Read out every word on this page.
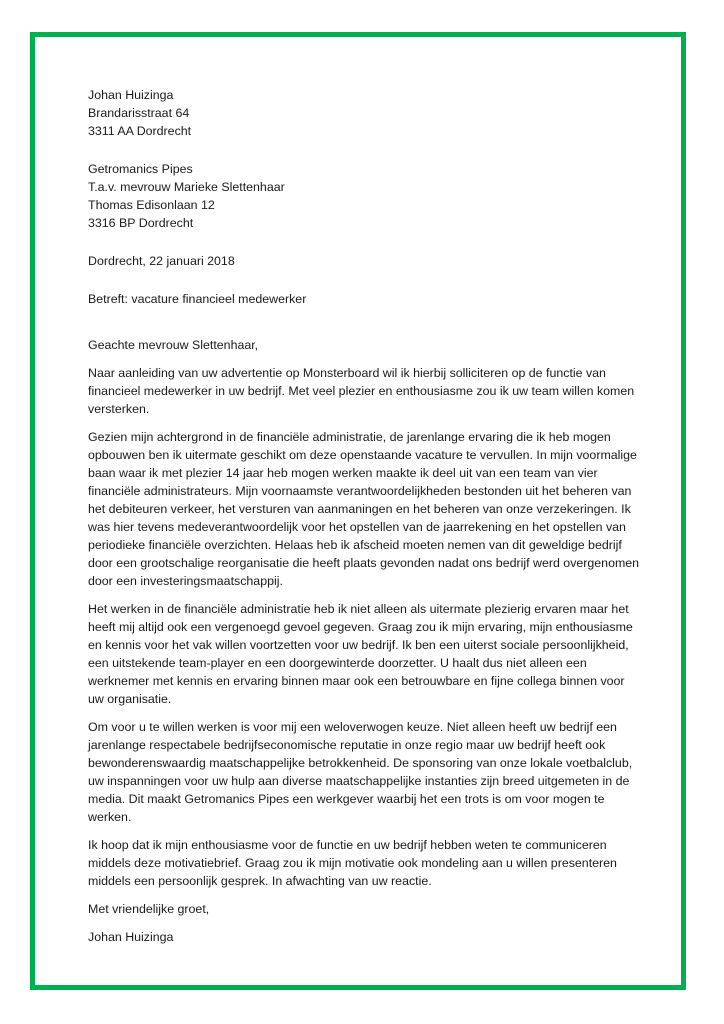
Johan Huizinga
Brandarisstraat 64
3311 AA Dordrecht
Getromanics Pipes
T.a.v. mevrouw Marieke Slettenhaar
Thomas Edisonlaan 12
3316 BP Dordrecht
Dordrecht, 22 januari 2018
Betreft: vacature financieel medewerker

Geachte mevrouw Slettenhaar,

Naar aanleiding van uw advertentie op Monsterboard wil ik hierbij solliciteren op de functie van
financieel medewerker in uw bedrijf. Met veel plezier en enthousiasme zou ik uw team willen komen
versterken.

Gezien mijn achtergrond in de financiële administratie, de jarenlange ervaring die ik heb mogen
opbouwen ben ik uitermate geschikt om deze openstaande vacature te vervullen. In mijn voormalige
baan waar ik met plezier 14 jaar heb mogen werken maakte ik deel uit van een team van vier
financiële administrateurs. Mijn voornaamste verantwoordelijkheden bestonden uit het beheren van
het debiteuren verkeer, het versturen van aanmaningen en het beheren van onze verzekeringen. Ik
was hier tevens medeverantwoordelijk voor het opstellen van de jaarrekening en het opstellen van
periodieke financiële overzichten. Helaas heb ik afscheid moeten nemen van dit geweldige bedrijf
door een grootschalige reorganisatie die heeft plaats gevonden nadat ons bedrijf werd overgenomen
door een investeringsmaatschappij.

Het werken in de financiële administratie heb ik niet alleen als uitermate plezierig ervaren maar het
heeft mij altijd ook een vergenoegd gevoel gegeven. Graag zou ik mijn ervaring, mijn enthousiasme
en kennis voor het vak willen voortzetten voor uw bedrijf. Ik ben een uiterst sociale persoonlijkheid,
een uitstekende team-player en een doorgewinterde doorzetter. U haalt dus niet alleen een
werknemer met kennis en ervaring binnen maar ook een betrouwbare en fijne collega binnen voor
uw organisatie.

Om voor u te willen werken is voor mij een weloverwogen keuze. Niet alleen heeft uw bedrijf een
jarenlange respectabele bedrijfseconomische reputatie in onze regio maar uw bedrijf heeft ook
bewonderenswaardig maatschappelijke betrokkenheid. De sponsoring van onze lokale voetbalclub,
uw inspanningen voor uw hulp aan diverse maatschappelijke instanties zijn breed uitgemeten in de
media. Dit maakt Getromanics Pipes een werkgever waarbij het een trots is om voor mogen te
werken.

Ik hoop dat ik mijn enthousiasme voor de functie en uw bedrijf hebben weten te communiceren
middels deze motivatiebrief. Graag zou ik mijn motivatie ook mondeling aan u willen presenteren
middels een persoonlijk gesprek. In afwachting van uw reactie.

Met vriendelijke groet,

Johan Huizinga
